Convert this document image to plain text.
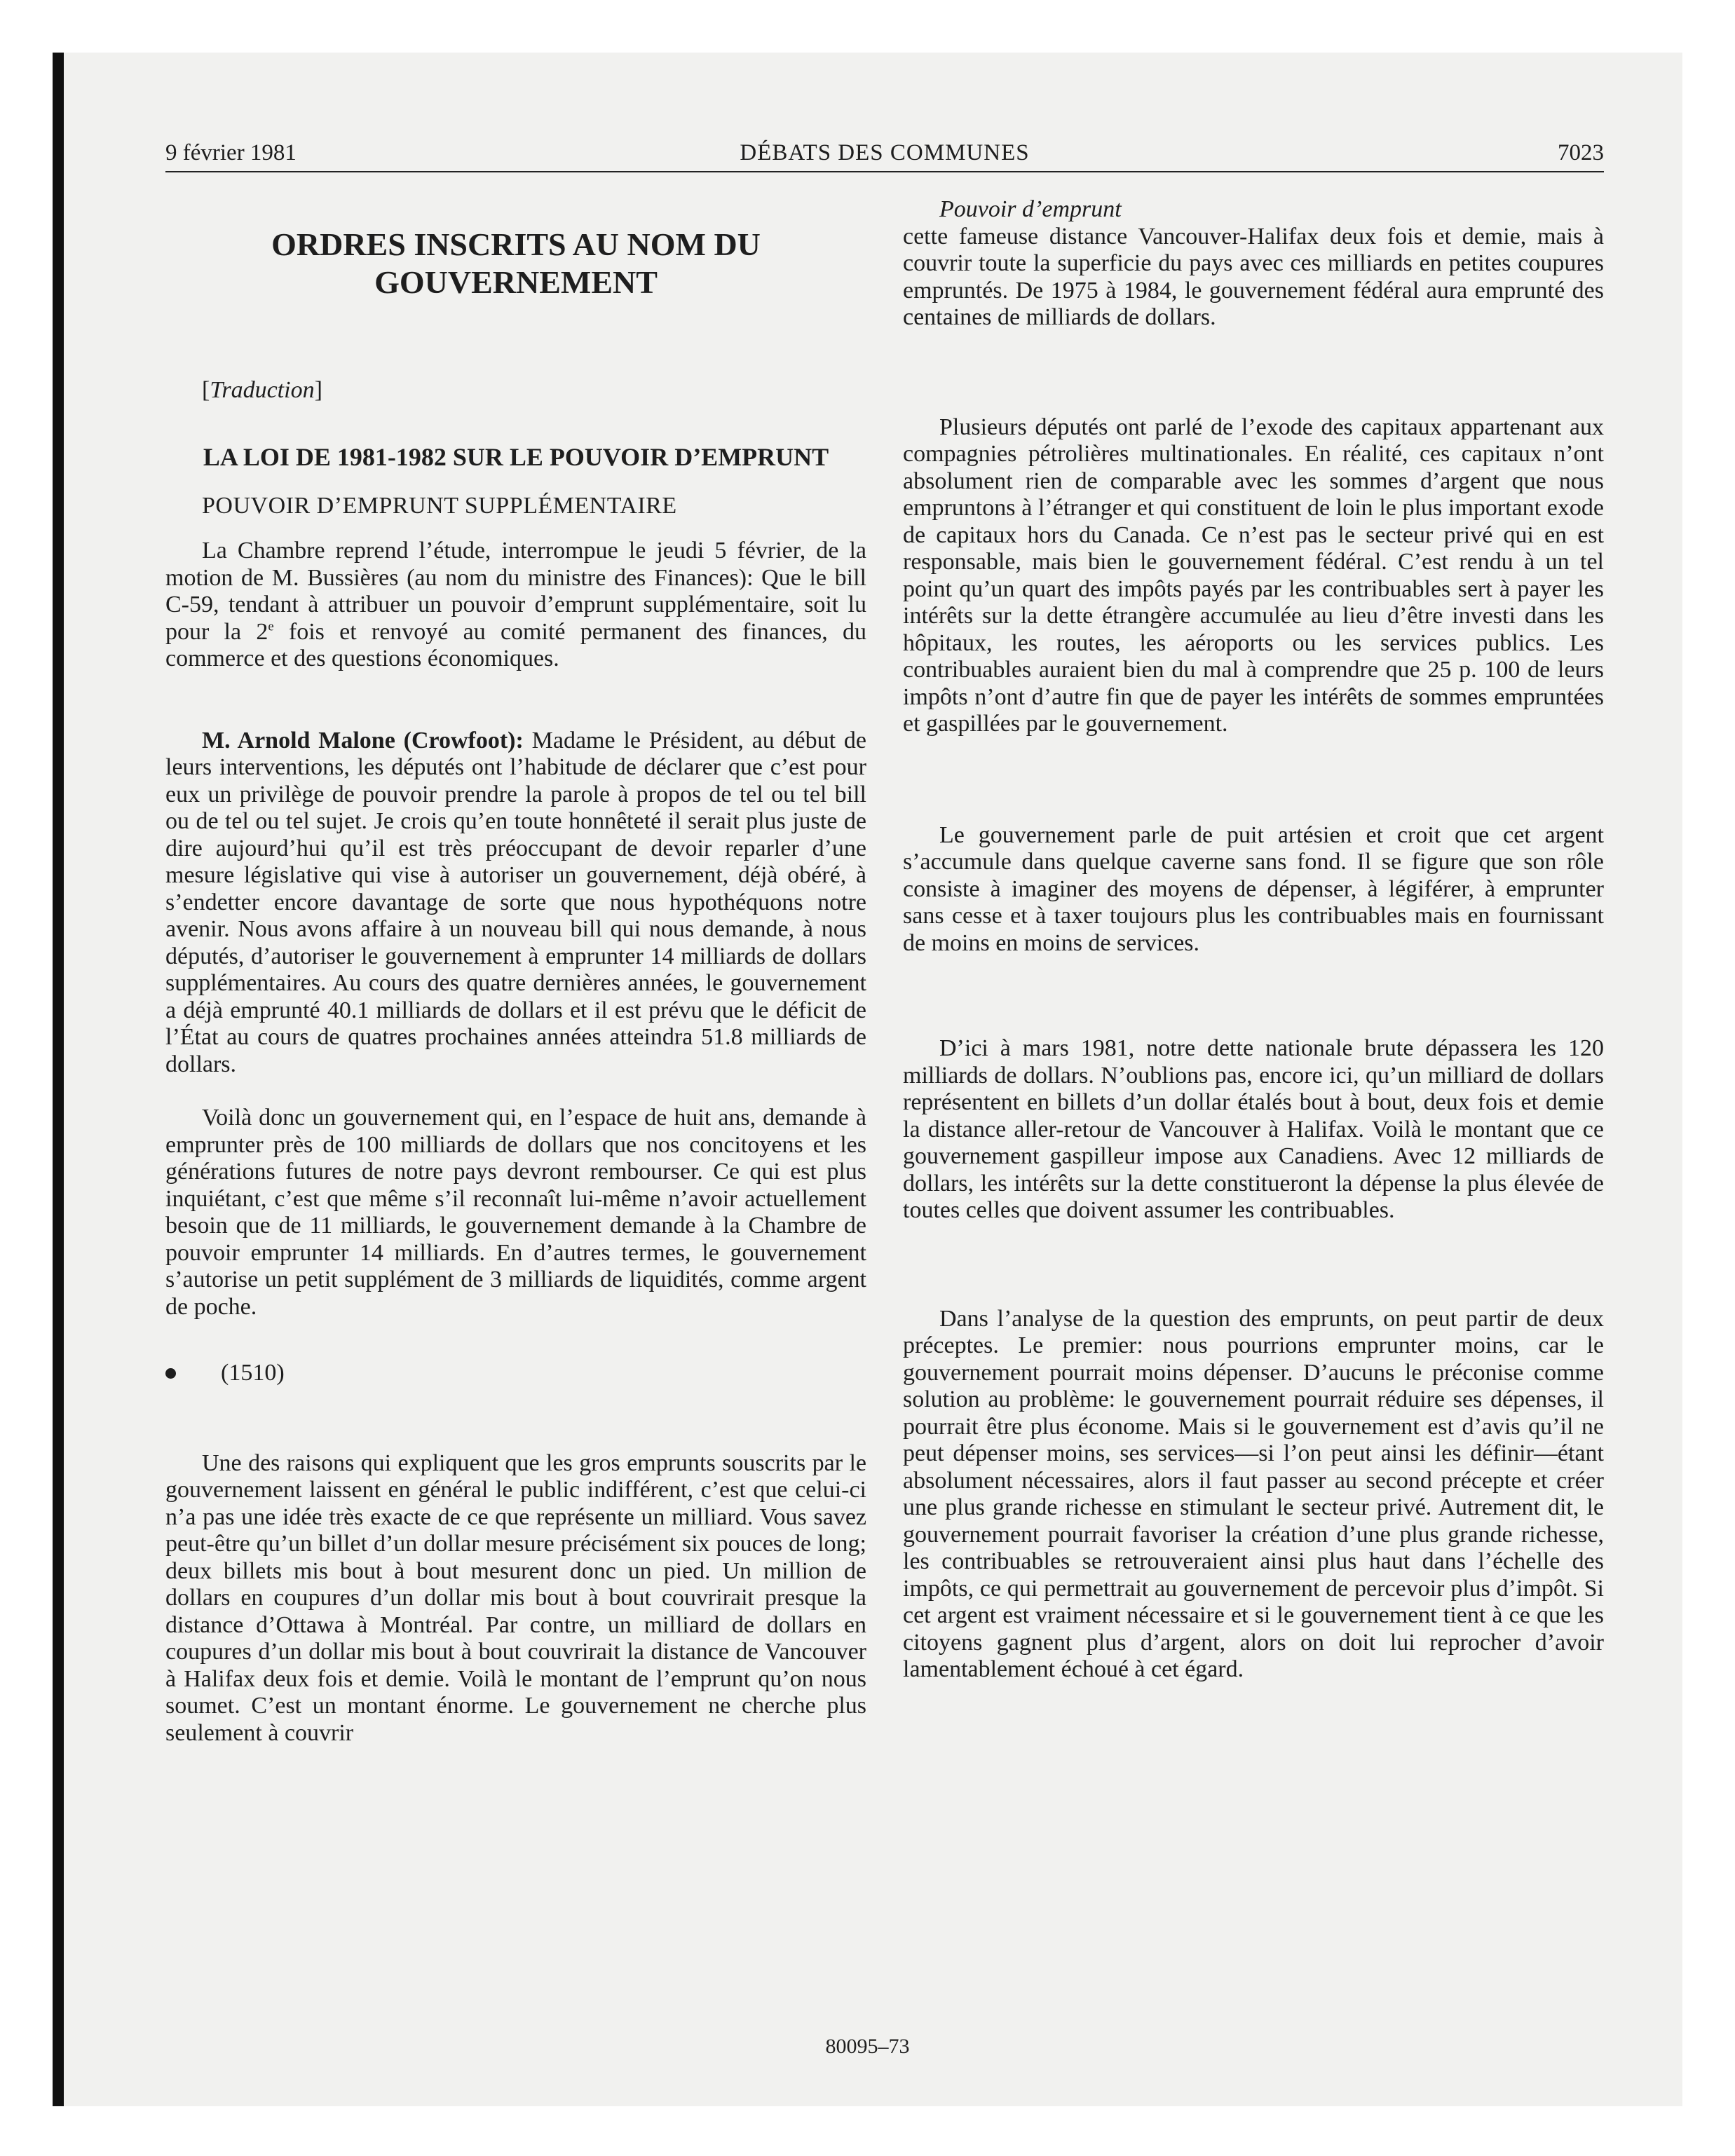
9 février 1981	DÉBATS DES COMMUNES	7023
ORDRES INSCRITS AU NOM DU GOUVERNEMENT

[Traduction]

LA LOI DE 1981-1982 SUR LE POUVOIR D’EMPRUNT

POUVOIR D’EMPRUNT SUPPLÉMENTAIRE

La Chambre reprend l’étude, interrompue le jeudi 5 février, de la motion de M. Bussières (au nom du ministre des Finances): Que le bill C-59, tendant à attribuer un pouvoir d’emprunt supplémentaire, soit lu pour la 2e fois et renvoyé au comité permanent des finances, du commerce et des questions économiques.

M. Arnold Malone (Crowfoot): Madame le Président, au début de leurs interventions, les députés ont l’habitude de déclarer que c’est pour eux un privilège de pouvoir prendre la parole à propos de tel ou tel bill ou de tel ou tel sujet. Je crois qu’en toute honnêteté il serait plus juste de dire aujourd’hui qu’il est très préoccupant de devoir reparler d’une mesure législative qui vise à autoriser un gouvernement, déjà obéré, à s’endetter encore davantage de sorte que nous hypothéquons notre avenir. Nous avons affaire à un nouveau bill qui nous demande, à nous députés, d’autoriser le gouvernement à emprunter 14 milliards de dollars supplémentaires. Au cours des quatre dernières années, le gouvernement a déjà emprunté 40.1 milliards de dollars et il est prévu que le déficit de l’État au cours de quatres prochaines années atteindra 51.8 milliards de dollars.

Voilà donc un gouvernement qui, en l’espace de huit ans, demande à emprunter près de 100 milliards de dollars que nos concitoyens et les générations futures de notre pays devront rembourser. Ce qui est plus inquiétant, c’est que même s’il reconnaît lui-même n’avoir actuellement besoin que de 11 milliards, le gouvernement demande à la Chambre de pouvoir emprunter 14 milliards. En d’autres termes, le gouvernement s’autorise un petit supplément de 3 milliards de liquidités, comme argent de poche.

(1510)

Une des raisons qui expliquent que les gros emprunts souscrits par le gouvernement laissent en général le public indifférent, c’est que celui-ci n’a pas une idée très exacte de ce que représente un milliard. Vous savez peut-être qu’un billet d’un dollar mesure précisément six pouces de long; deux billets mis bout à bout mesurent donc un pied. Un million de dollars en coupures d’un dollar mis bout à bout couvrirait presque la distance d’Ottawa à Montréal. Par contre, un milliard de dollars en coupures d’un dollar mis bout à bout couvrirait la distance de Vancouver à Halifax deux fois et demie. Voilà le montant de l’emprunt qu’on nous soumet. C’est un montant énorme. Le gouvernement ne cherche plus seulement à couvrir

Pouvoir d’emprunt

cette fameuse distance Vancouver-Halifax deux fois et demie, mais à couvrir toute la superficie du pays avec ces milliards en petites coupures empruntés. De 1975 à 1984, le gouvernement fédéral aura emprunté des centaines de milliards de dollars.

Plusieurs députés ont parlé de l’exode des capitaux appartenant aux compagnies pétrolières multinationales. En réalité, ces capitaux n’ont absolument rien de comparable avec les sommes d’argent que nous empruntons à l’étranger et qui constituent de loin le plus important exode de capitaux hors du Canada. Ce n’est pas le secteur privé qui en est responsable, mais bien le gouvernement fédéral. C’est rendu à un tel point qu’un quart des impôts payés par les contribuables sert à payer les intérêts sur la dette étrangère accumulée au lieu d’être investi dans les hôpitaux, les routes, les aéroports ou les services publics. Les contribuables auraient bien du mal à comprendre que 25 p. 100 de leurs impôts n’ont d’autre fin que de payer les intérêts de sommes empruntées et gaspillées par le gouvernement.

Le gouvernement parle de puit artésien et croit que cet argent s’accumule dans quelque caverne sans fond. Il se figure que son rôle consiste à imaginer des moyens de dépenser, à légiférer, à emprunter sans cesse et à taxer toujours plus les contribuables mais en fournissant de moins en moins de services.

D’ici à mars 1981, notre dette nationale brute dépassera les 120 milliards de dollars. N’oublions pas, encore ici, qu’un milliard de dollars représentent en billets d’un dollar étalés bout à bout, deux fois et demie la distance aller-retour de Vancouver à Halifax. Voilà le montant que ce gouvernement gaspilleur impose aux Canadiens. Avec 12 milliards de dollars, les intérêts sur la dette constitueront la dépense la plus élevée de toutes celles que doivent assumer les contribuables.

Dans l’analyse de la question des emprunts, on peut partir de deux préceptes. Le premier: nous pourrions emprunter moins, car le gouvernement pourrait moins dépenser. D’aucuns le préconise comme solution au problème: le gouvernement pourrait réduire ses dépenses, il pourrait être plus économe. Mais si le gouvernement est d’avis qu’il ne peut dépenser moins, ses services—si l’on peut ainsi les définir—étant absolument nécessaires, alors il faut passer au second précepte et créer une plus grande richesse en stimulant le secteur privé. Autrement dit, le gouvernement pourrait favoriser la création d’une plus grande richesse, les contribuables se retrouveraient ainsi plus haut dans l’échelle des impôts, ce qui permettrait au gouvernement de percevoir plus d’impôt. Si cet argent est vraiment nécessaire et si le gouvernement tient à ce que les citoyens gagnent plus d’argent, alors on doit lui reprocher d’avoir lamentablement échoué à cet égard.

80095–73
